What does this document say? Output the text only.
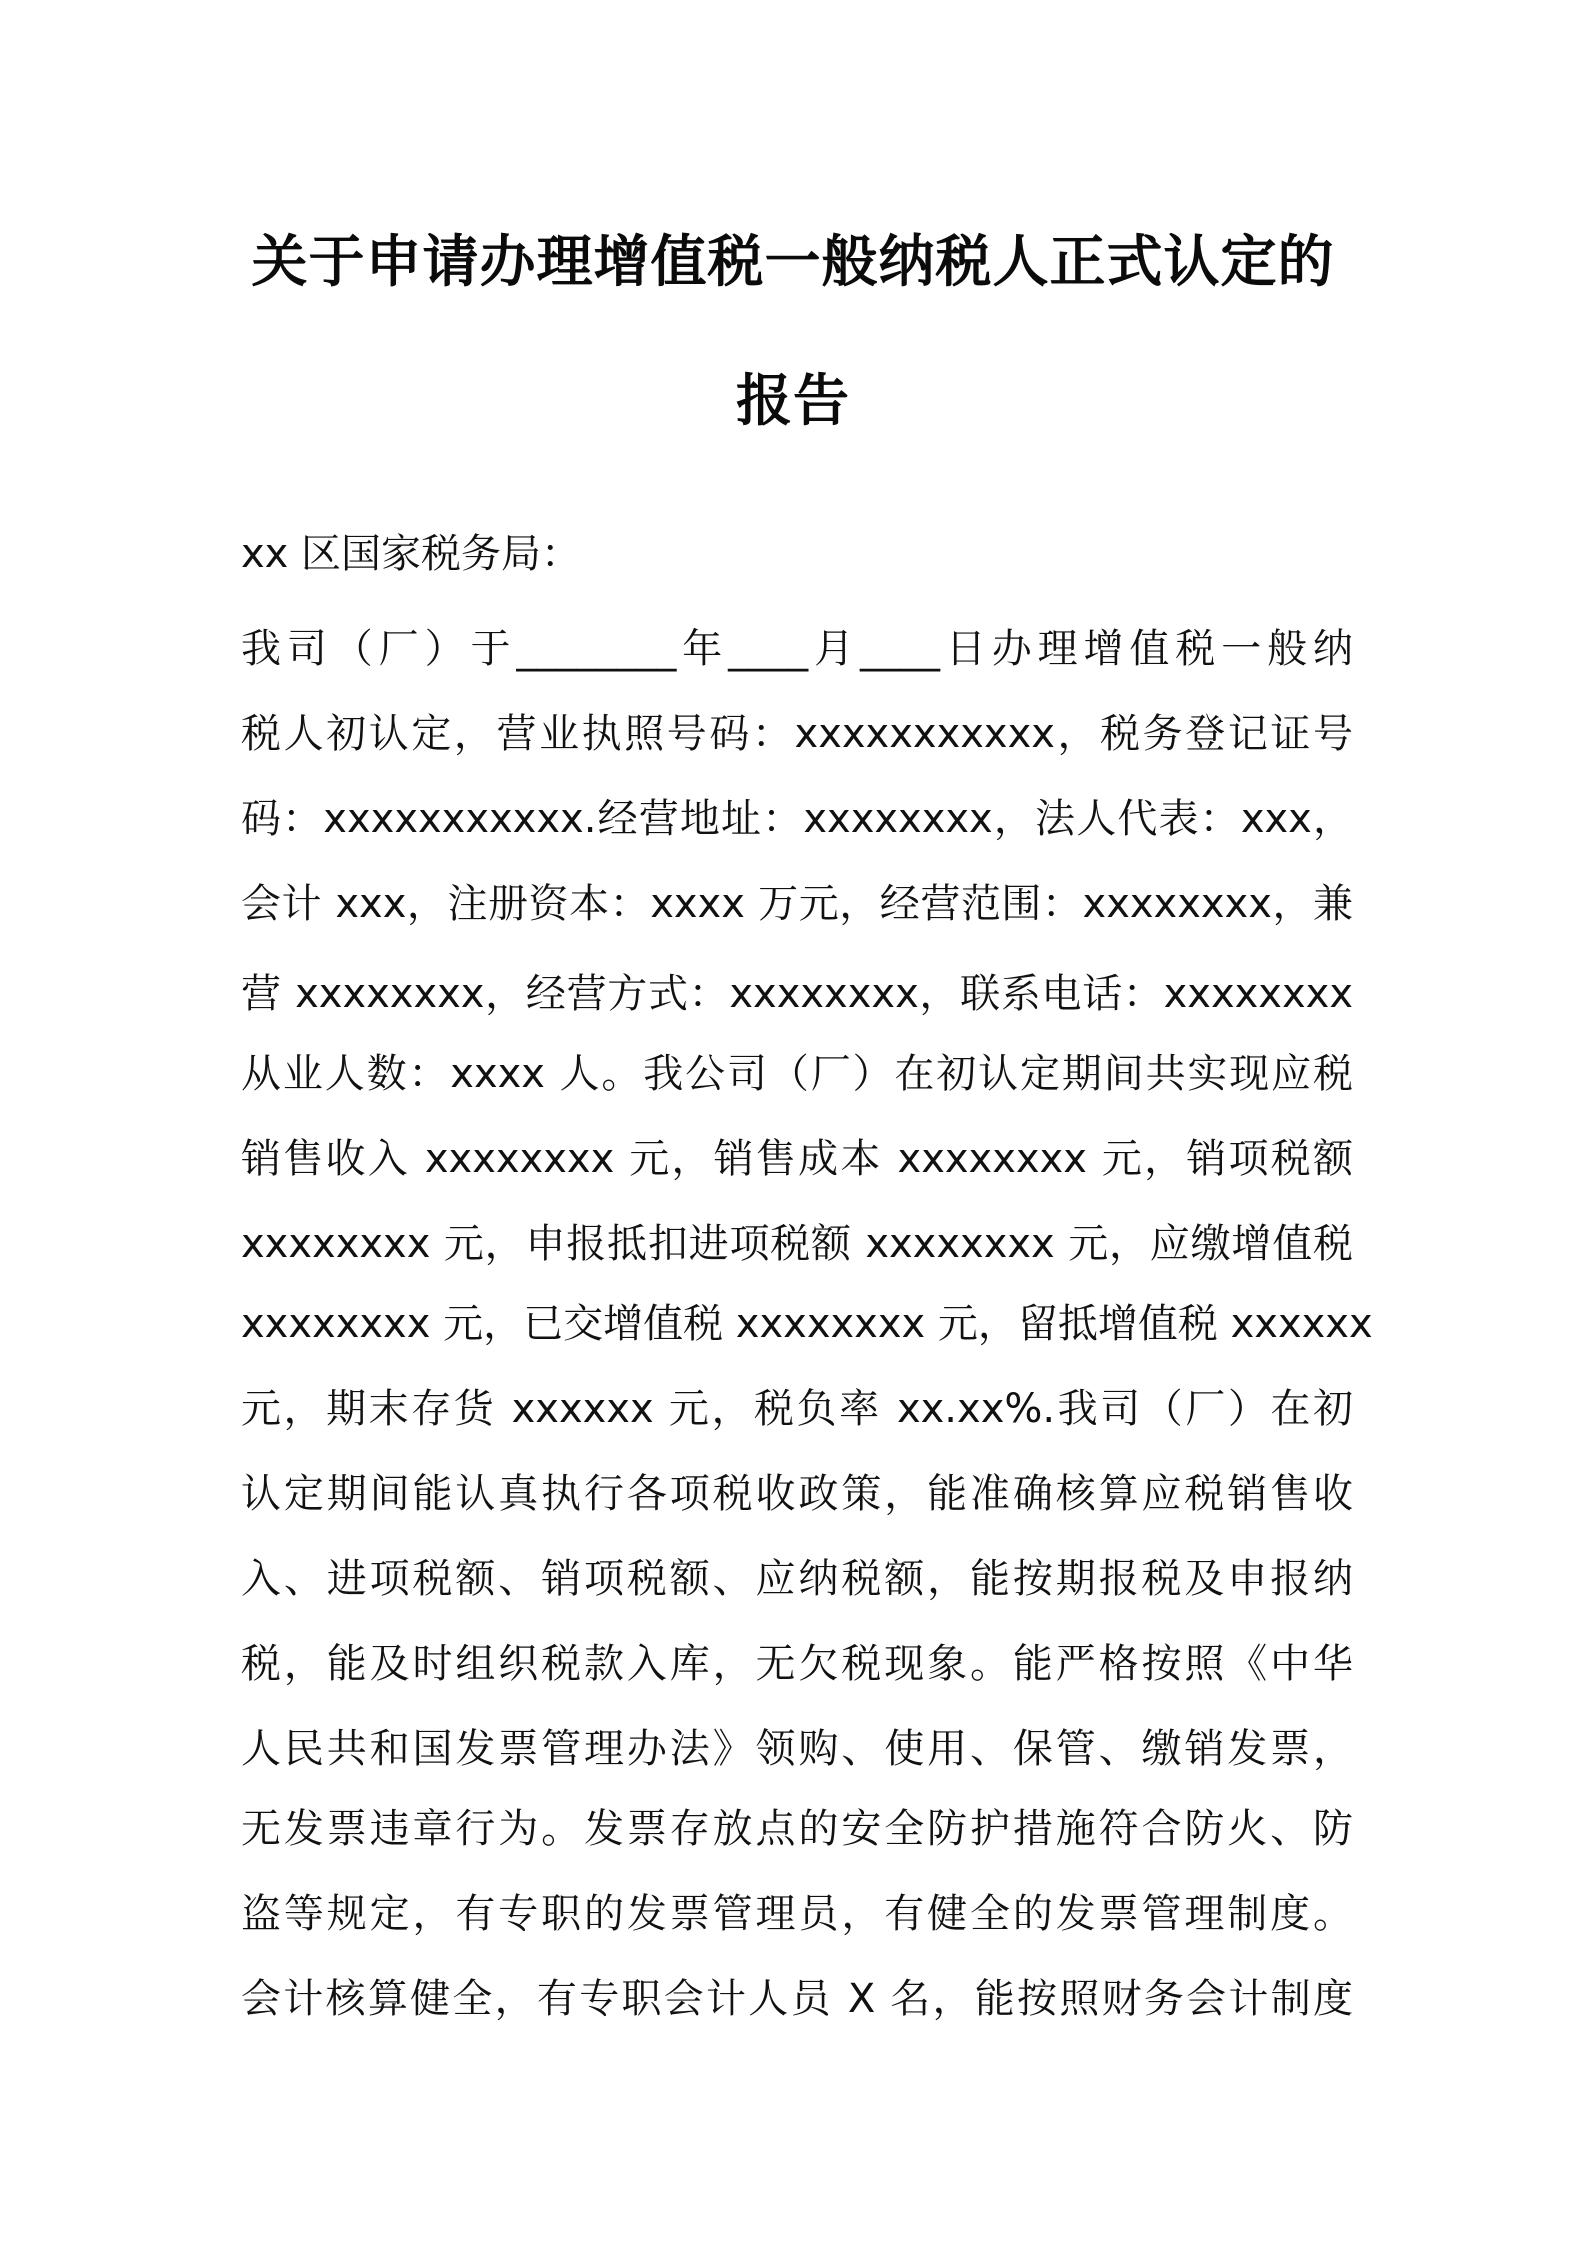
关于申请办理增值税一般纳税人正式认定的
报告
xx 区国家税务局：
我司（厂）于________年____月____日办理增值税一般纳
税人初认定，营业执照号码：xxxxxxxxxxx，税务登记证号
码：xxxxxxxxxxx.经营地址：xxxxxxxx，法人代表：xxx，
会计 xxx，注册资本：xxxx 万元，经营范围：xxxxxxxx，兼
营 xxxxxxxx，经营方式：xxxxxxxx，联系电话：xxxxxxxx
从业人数：xxxx 人。我公司（厂）在初认定期间共实现应税
销售收入 xxxxxxxx 元，销售成本 xxxxxxxx 元，销项税额
xxxxxxxx 元，申报抵扣进项税额 xxxxxxxx 元，应缴增值税
xxxxxxxx 元，已交增值税 xxxxxxxx 元，留抵增值税 xxxxxx
元，期末存货 xxxxxx 元，税负率 xx.xx%.我司（厂）在初
认定期间能认真执行各项税收政策，能准确核算应税销售收
入、进项税额、销项税额、应纳税额，能按期报税及申报纳
税，能及时组织税款入库，无欠税现象。能严格按照《中华
人民共和国发票管理办法》领购、使用、保管、缴销发票，
无发票违章行为。发票存放点的安全防护措施符合防火、防
盗等规定，有专职的发票管理员，有健全的发票管理制度。
会计核算健全，有专职会计人员 X 名，能按照财务会计制度
